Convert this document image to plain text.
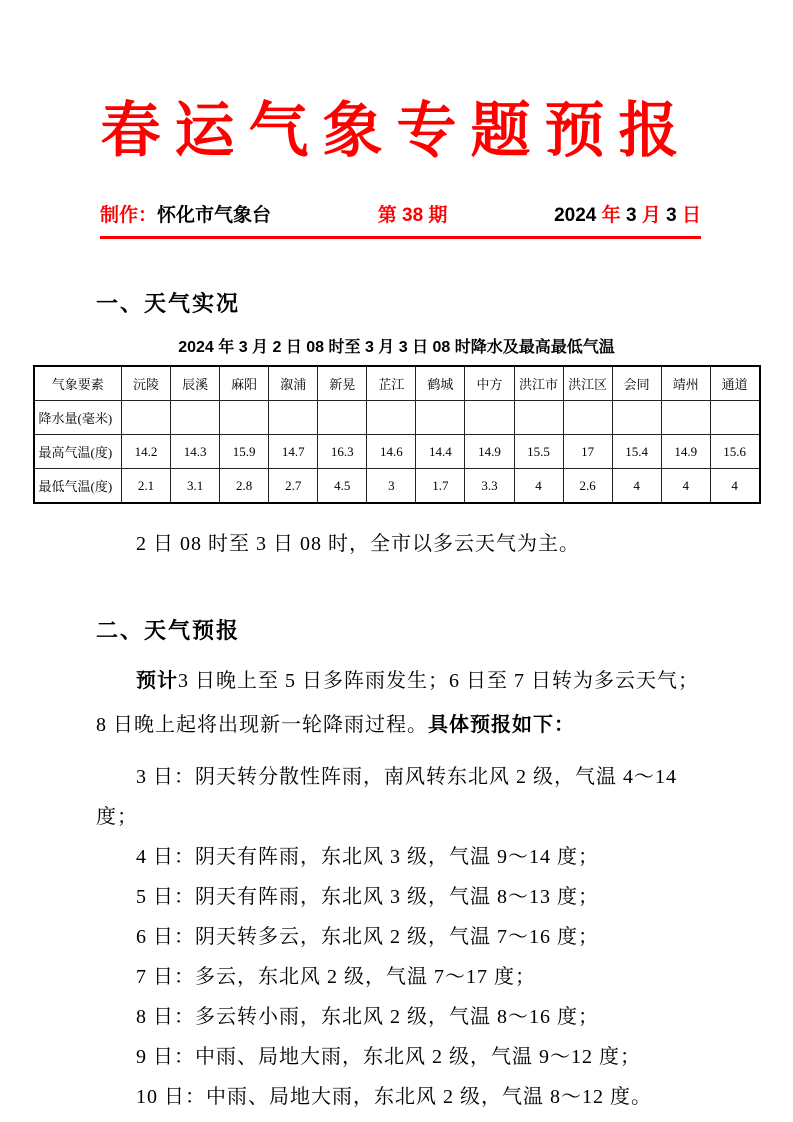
春运气象专题预报
制作：怀化市气象台	第 38 期	2024 年 3 月 3 日
一、天气实况
2024 年 3 月 2 日 08 时至 3 月 3 日 08 时降水及最高最低气温
气象要素	沅陵	辰溪	麻阳	溆浦	新晃	芷江	鹤城	中方	洪江市	洪江区	会同	靖州	通道
降水量(毫米)													
最高气温(度)	14.2	14.3	15.9	14.7	16.3	14.6	14.4	14.9	15.5	17	15.4	14.9	15.6
最低气温(度)	2.1	3.1	2.8	2.7	4.5	3	1.7	3.3	4	2.6	4	4	4

2 日 08 时至 3 日 08 时，全市以多云天气为主。

二、天气预报

预计3 日晚上至 5 日多阵雨发生；6 日至 7 日转为多云天气；8 日晚上起将出现新一轮降雨过程。具体预报如下：

3 日：阴天转分散性阵雨，南风转东北风 2 级，气温 4～14 度；

4 日：阴天有阵雨，东北风 3 级，气温 9～14 度；

5 日：阴天有阵雨，东北风 3 级，气温 8～13 度；

6 日：阴天转多云，东北风 2 级，气温 7～16 度；

7 日：多云，东北风 2 级，气温 7～17 度；

8 日：多云转小雨，东北风 2 级，气温 8～16 度；

9 日：中雨、局地大雨，东北风 2 级，气温 9～12 度；

10 日：中雨、局地大雨，东北风 2 级，气温 8～12 度。
